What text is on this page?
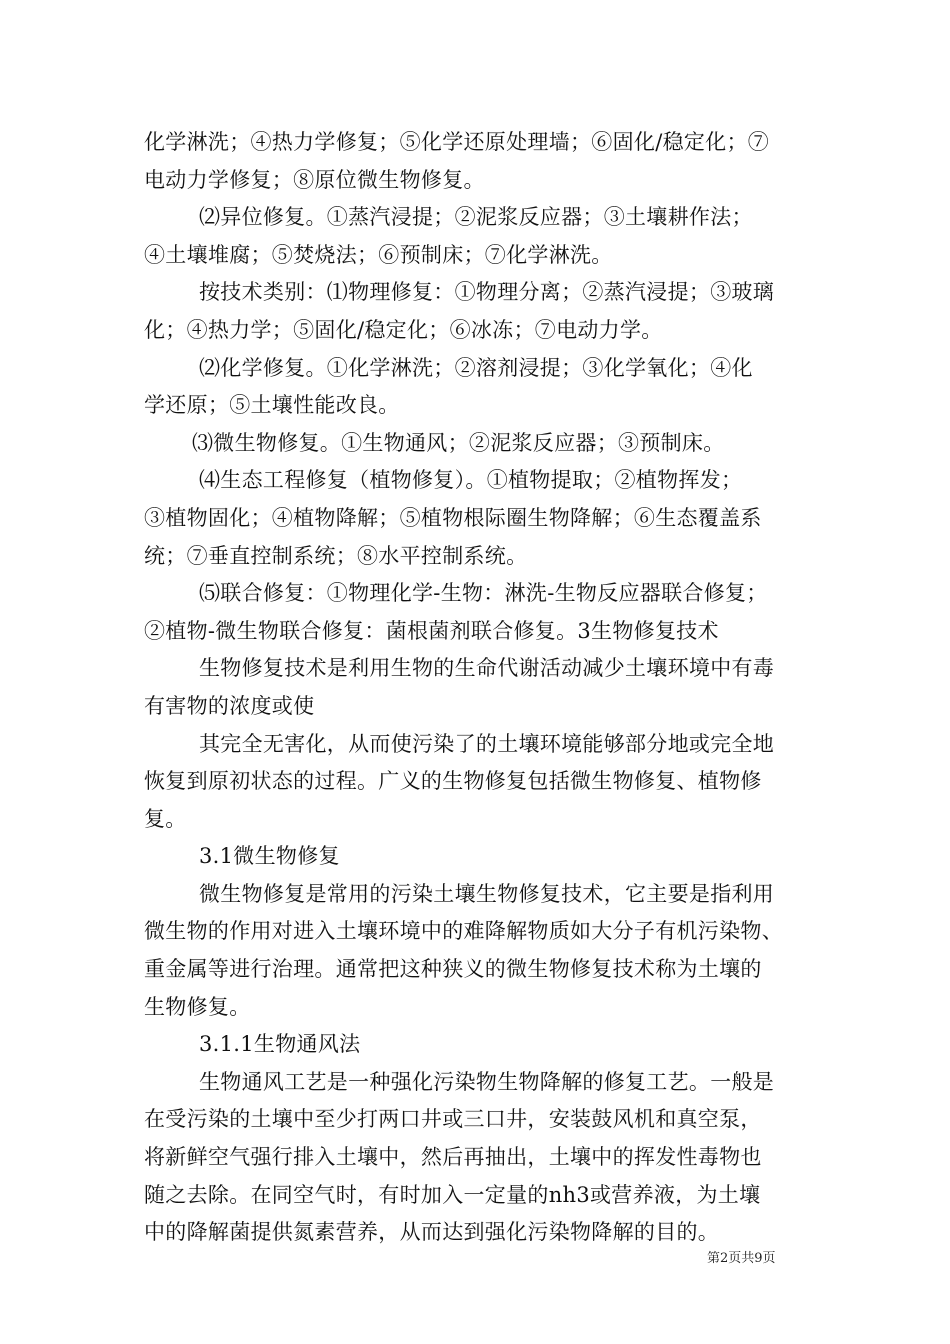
化学淋洗；④热力学修复；⑤化学还原处理墙；⑥固化/稳定化；⑦
电动力学修复；⑧原位微生物修复。
⑵异位修复。①蒸汽浸提；②泥浆反应器；③土壤耕作法；
④土壤堆腐；⑤焚烧法；⑥预制床；⑦化学淋洗。
按技术类别：⑴物理修复：①物理分离；②蒸汽浸提；③玻璃
化；④热力学；⑤固化/稳定化；⑥冰冻；⑦电动力学。
⑵化学修复。①化学淋洗；②溶剂浸提；③化学氧化；④化
学还原；⑤土壤性能改良。
⑶微生物修复。①生物通风；②泥浆反应器；③预制床。
⑷生态工程修复（植物修复）。①植物提取；②植物挥发；
③植物固化；④植物降解；⑤植物根际圈生物降解；⑥生态覆盖系
统；⑦垂直控制系统；⑧水平控制系统。
⑸联合修复：①物理化学-生物：淋洗-生物反应器联合修复；
②植物-微生物联合修复：菌根菌剂联合修复。3生物修复技术
生物修复技术是利用生物的生命代谢活动减少土壤环境中有毒
有害物的浓度或使
其完全无害化，从而使污染了的土壤环境能够部分地或完全地
恢复到原初状态的过程。广义的生物修复包括微生物修复、植物修
复。
3.1微生物修复
微生物修复是常用的污染土壤生物修复技术，它主要是指利用
微生物的作用对进入土壤环境中的难降解物质如大分子有机污染物、
重金属等进行治理。通常把这种狭义的微生物修复技术称为土壤的
生物修复。
3.1.1生物通风法
生物通风工艺是一种强化污染物生物降解的修复工艺。一般是
在受污染的土壤中至少打两口井或三口井，安装鼓风机和真空泵，
将新鲜空气强行排入土壤中，然后再抽出，土壤中的挥发性毒物也
随之去除。在同空气时，有时加入一定量的nh3或营养液，为土壤
中的降解菌提供氮素营养，从而达到强化污染物降解的目的。
第2页共9页
